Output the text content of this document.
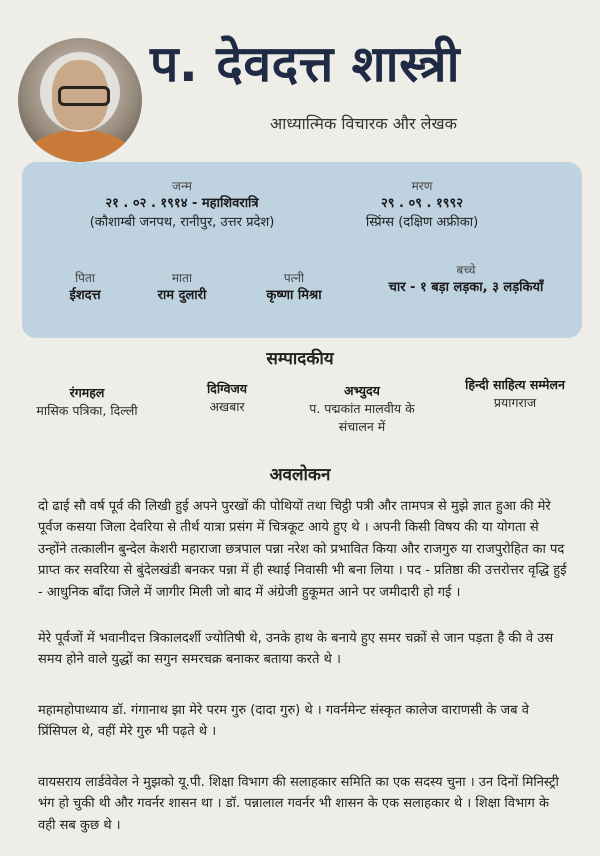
प. देवदत्त शास्त्री
आध्यात्मिक विचारक और लेखक
जन्म
२१ . ०२ . १९१४ - महाशिवरात्रि
(कौशाम्बी जनपथ, रानीपुर, उत्तर प्रदेश)
मरण
२९ . ०९ . १९९२
स्प्रिंग्स (दक्षिण अफ्रीका)
पिता
ईशदत्त
माता
राम दुलारी
पत्नी
कृष्णा मिश्रा
बच्चे
चार - १ बड़ा लड़का, ३ लड़कियाँ
सम्पादकीय
रंगमहल
मासिक पत्रिका, दिल्ली
दिग्विजय
अखबार
अभ्युदय
प. पद्मकांत मालवीय के संचालन में
हिन्दी साहित्य सम्मेलन
प्रयागराज
अवलोकन
दो ढाई सौ वर्ष पूर्व की लिखी हुई अपने पुरखों की पोथियों तथा चिट्ठी पत्री और तामपत्र से मुझे ज्ञात हुआ की मेरे पूर्वज कसया जिला देवरिया से तीर्थ यात्रा प्रसंग में चित्रकूट आये हुए थे । अपनी किसी विषय की या योगता से उन्होंने तत्कालीन बुन्देल केशरी महाराजा छत्रपाल पन्ना नरेश को प्रभावित किया और राजगुरु या राजपुरोहित का पद प्राप्त कर सवरिया से बुंदेलखंडी बनकर पन्ना में ही स्थाई निवासी भी बना लिया । पद - प्रतिष्ठा की उत्तरोत्तर वृद्धि हुई - आधुनिक बाँदा जिले में जागीर मिली जो बाद में अंग्रेजी हुकूमत आने पर जमीदारी हो गई ।
मेरे पूर्वजों में भवानीदत्त त्रिकालदर्शी ज्योतिषी थे, उनके हाथ के बनाये हुए समर चक्रों से जान पड़ता है की वे उस समय होने वाले युद्धों का सगुन समरचक्र बनाकर बताया करते थे ।
महामहोपाध्याय डॉ. गंगानाथ झा मेरे परम गुरु (दादा गुरु) थे । गवर्नमेन्ट संस्कृत कालेज वाराणसी के जब वे प्रिंसिपल थे, वहीं मेरे गुरु भी पढ़ते थे ।
वायसराय लार्डवेवेल ने मुझको यू.पी. शिक्षा विभाग की सलाहकार समिति का एक सदस्य चुना । उन दिनों मिनिस्ट्री भंग हो चुकी थी और गवर्नर शासन था । डॉ. पन्नालाल गवर्नर भी शासन के एक सलाहकार थे । शिक्षा विभाग के वही सब कुछ थे ।
